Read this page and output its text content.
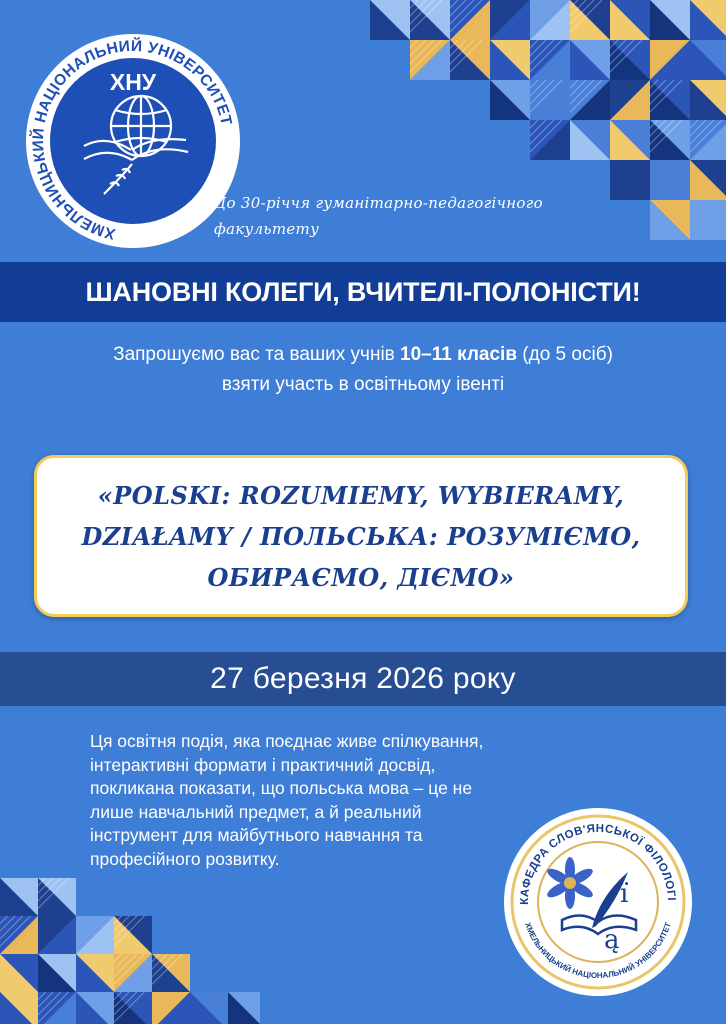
ХМЕЛЬНИЦЬКИЙ НАЦІОНАЛЬНИЙ УНІВЕРСИТЕТ
ХНУ
До 30-річчя гуманітарно-педагогічного
факультету
ШАНОВНІ КОЛЕГИ, ВЧИТЕЛІ-ПОЛОНІСТИ!
Запрошуємо вас та ваших учнів 10–11 класів (до 5 осіб)
взяти участь в освітньому івенті
«POLSKI: ROZUMIEMY, WYBIERAMY, DZIAŁAMY / ПОЛЬСЬКА: РОЗУМІЄМО, ОБИРАЄМО, ДІЄМО»
27 березня 2026 року
Ця освітня подія, яка поєднає живе спілкування,
інтерактивні формати і практичний досвід,
покликана показати, що польська мова – це не
лише навчальний предмет, а й реальний
інструмент для майбутнього навчання та
професійного розвитку.
КАФЕДРА СЛОВ'ЯНСЬКОЇ ФІЛОЛОГІ
ХМЕЛЬНИЦЬКИЙ НАЦІОНАЛЬНИЙ УНІВЕРСИТЕТ
ї
ą
